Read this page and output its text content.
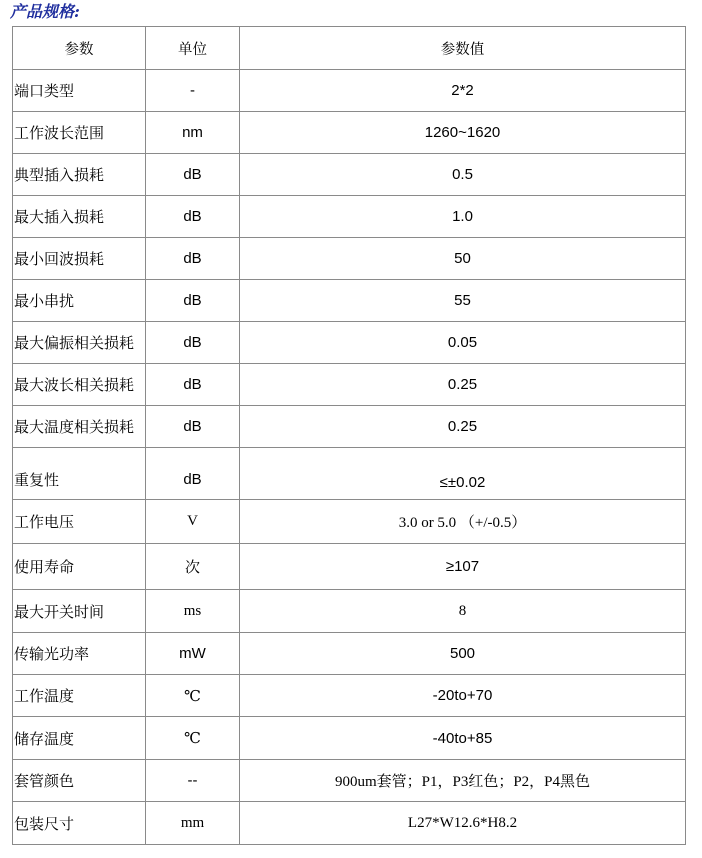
产品规格:
参数	单位	参数值
端口类型	-	2*2
工作波长范围	nm	1260~1620
典型插入损耗	dB	0.5
最大插入损耗	dB	1.0
最小回波损耗	dB	50
最小串扰	dB	55
最大偏振相关损耗	dB	0.05
最大波长相关损耗	dB	0.25
最大温度相关损耗	dB	0.25
重复性	dB	≤±0.02
工作电压	V	3.0 or 5.0 （+/-0.5）
使用寿命	次	≥107
最大开关时间	ms	8
传输光功率	mW	500
工作温度	℃	-20to+70
储存温度	℃	-40to+85
套管颜色	--	900um套管；P1，P3红色；P2，P4黑色
包装尺寸	mm	L27*W12.6*H8.2
